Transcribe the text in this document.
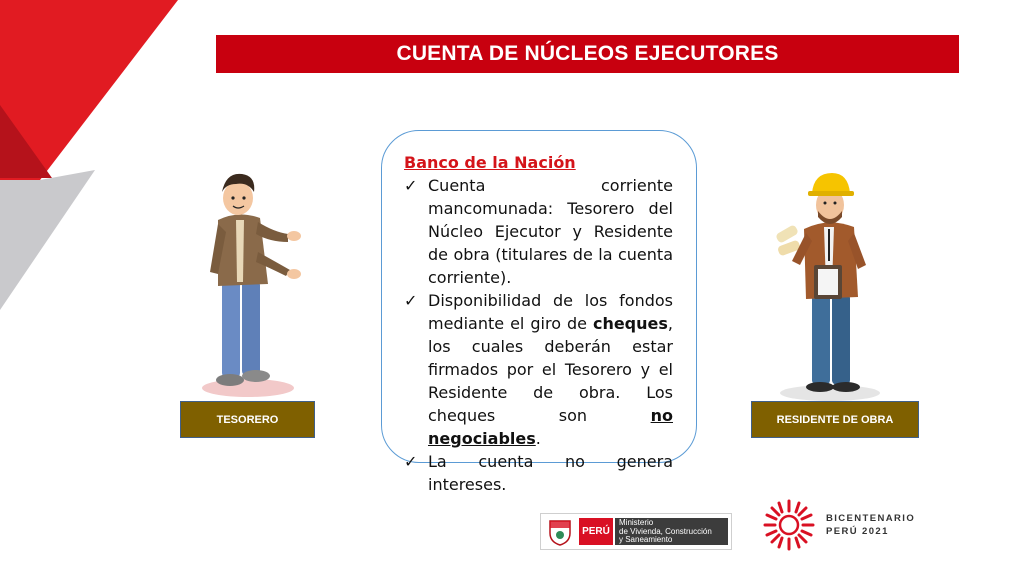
CUENTA DE NÚCLEOS EJECUTORES
Banco de la Nación
✓ Cuenta	corriente
mancomunada: Tesorero del Núcleo Ejecutor y Residente de obra (titulares de la cuenta corriente).
✓ Disponibilidad de los fondos mediante el giro de cheques, los cuales deberán estar firmados por el Tesorero y el Residente de obra. Los cheques son no negociables.
✓ La cuenta no genera intereses.
TESORERO	RESIDENTE DE OBRA
PERÚ
Ministerio
de Vivienda, Construcción
y Saneamiento
BICENTENARIO
PERÚ 2021
